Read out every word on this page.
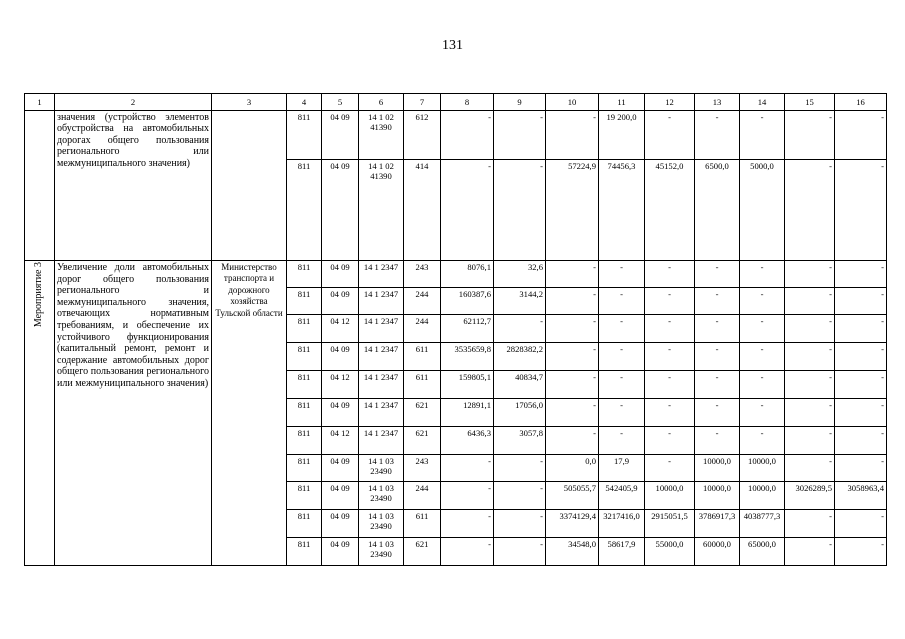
131
1	2	3	4	5	6	7	8	9	10	11	12	13	14	15	16
	значения (устройство элементов обустройства на автомобильных дорогах общего пользования регионального или межмуниципального значения)		811	04 09	14 1 02 41390	612	-	-	-	19 200,0	-	-	-	-	-
			811	04 09	14 1 02 41390	414	-	-	57224,9	74456,3	45152,0	6500,0	5000,0	-	-

Мероприятие 3	Увеличение доли автомобильных дорог общего пользования регионального и межмуниципального значения, отвечающих нормативным требованиям, и обеспечение их устойчивого функционирования (капитальный ремонт, ремонт и содержание автомобильных дорог общего пользования регионального или межмуниципального значения)	Министерство транспорта и дорожного хозяйства Тульской области	811	04 09	14 1 2347	243	8076,1	32,6	-	-	-	-	-	-	-
			811	04 09	14 1 2347	244	160387,6	3144,2	-	-	-	-	-	-	-
			811	04 12	14 1 2347	244	62112,7	-	-	-	-	-	-	-	-
			811	04 09	14 1 2347	611	3535659,8	2828382,2	-	-	-	-	-	-	-
			811	04 12	14 1 2347	611	159805,1	40834,7	-	-	-	-	-	-	-
			811	04 09	14 1 2347	621	12891,1	17056,0	-	-	-	-	-	-	-
			811	04 12	14 1 2347	621	6436,3	3057,8	-	-	-	-	-	-	-
			811	04 09	14 1 03 23490	243	-	-	0,0	17,9	-	10000,0	10000,0	-	-
			811	04 09	14 1 03 23490	244	-	-	505055,7	542405,9	10000,0	10000,0	10000,0	3026289,5	3058963,4
			811	04 09	14 1 03 23490	611	-	-	3374129,4	3217416,0	2915051,5	3786917,3	4038777,3	-	-
			811	04 09	14 1 03 23490	621	-	-	34548,0	58617,9	55000,0	60000,0	65000,0	-	-
